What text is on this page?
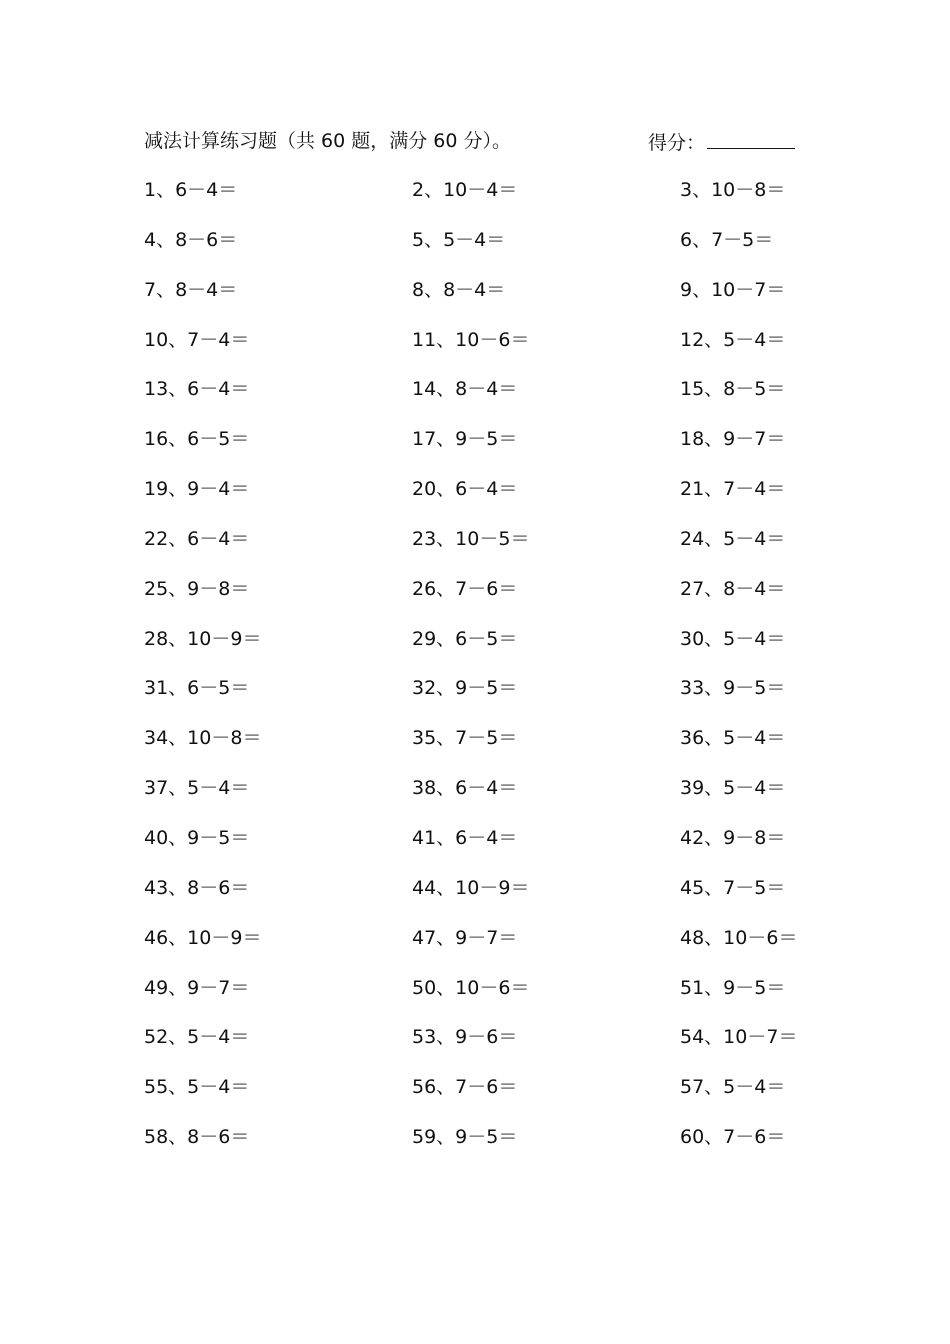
减法计算练习题（共 60 题，满分 60 分）。	得分：
1、6－4＝	2、10－4＝	3、10－8＝
4、8－6＝	5、5－4＝	6、7－5＝
7、8－4＝	8、8－4＝	9、10－7＝
10、7－4＝	11、10－6＝	12、5－4＝
13、6－4＝	14、8－4＝	15、8－5＝
16、6－5＝	17、9－5＝	18、9－7＝
19、9－4＝	20、6－4＝	21、7－4＝
22、6－4＝	23、10－5＝	24、5－4＝
25、9－8＝	26、7－6＝	27、8－4＝
28、10－9＝	29、6－5＝	30、5－4＝
31、6－5＝	32、9－5＝	33、9－5＝
34、10－8＝	35、7－5＝	36、5－4＝
37、5－4＝	38、6－4＝	39、5－4＝
40、9－5＝	41、6－4＝	42、9－8＝
43、8－6＝	44、10－9＝	45、7－5＝
46、10－9＝	47、9－7＝	48、10－6＝
49、9－7＝	50、10－6＝	51、9－5＝
52、5－4＝	53、9－6＝	54、10－7＝
55、5－4＝	56、7－6＝	57、5－4＝
58、8－6＝	59、9－5＝	60、7－6＝
